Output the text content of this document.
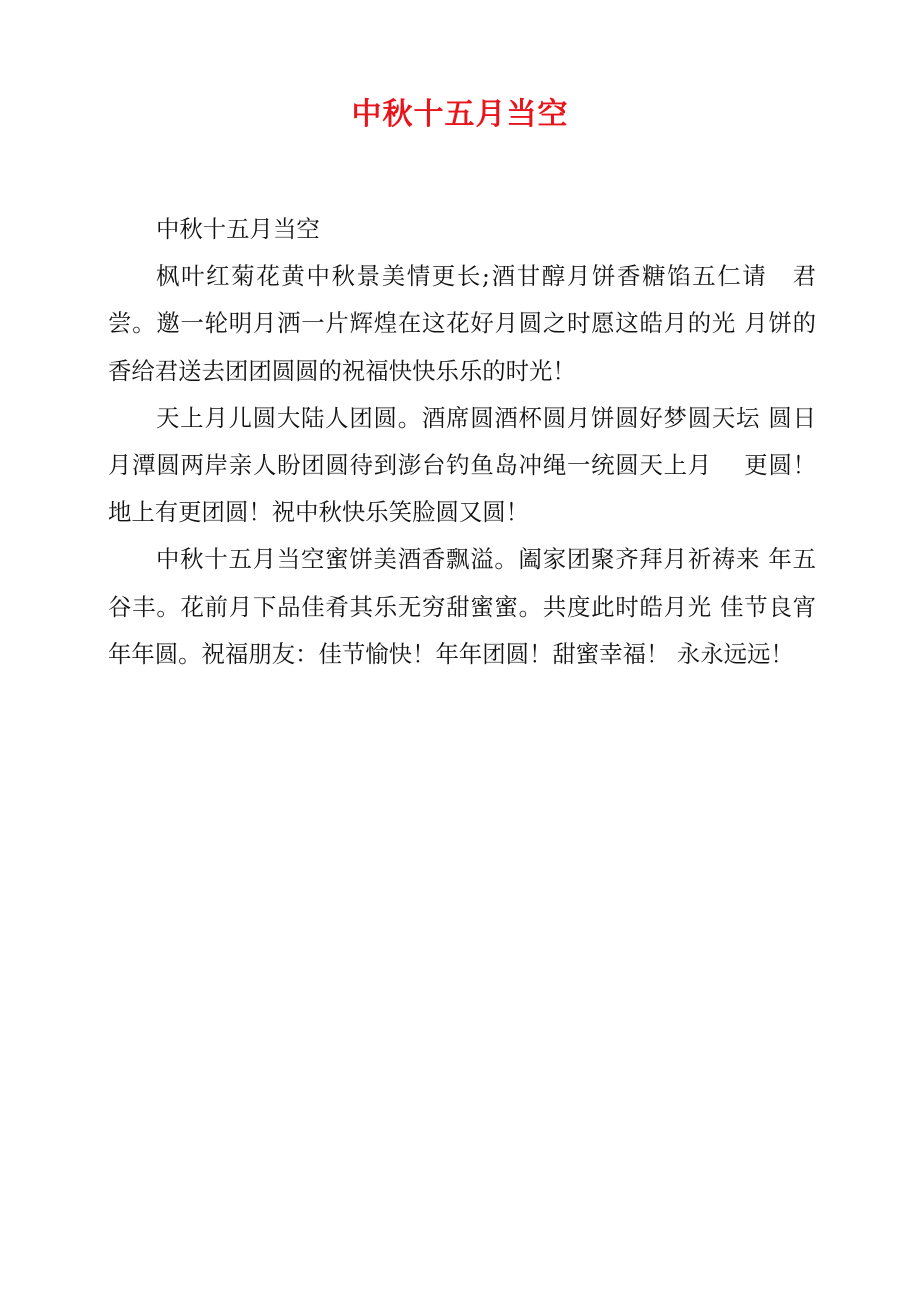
中秋十五月当空

中秋十五月当空

枫叶红菊花黄中秋景美情更长;酒甘醇月饼香糖馅五仁请　君尝。邀一轮明月洒一片辉煌在这花好月圆之时愿这皓月的光 月饼的香给君送去团团圆圆的祝福快快乐乐的时光！

天上月儿圆大陆人团圆。酒席圆酒杯圆月饼圆好梦圆天坛 圆日月潭圆两岸亲人盼团圆待到澎台钓鱼岛冲绳一统圆天上月　 更圆！地上有更团圆！祝中秋快乐笑脸圆又圆！

中秋十五月当空蜜饼美酒香飘溢。阖家团聚齐拜月祈祷来 年五谷丰。花前月下品佳肴其乐无穷甜蜜蜜。共度此时皓月光 佳节良宵年年圆。祝福朋友：佳节愉快！年年团圆！甜蜜幸福！ 永永远远！
